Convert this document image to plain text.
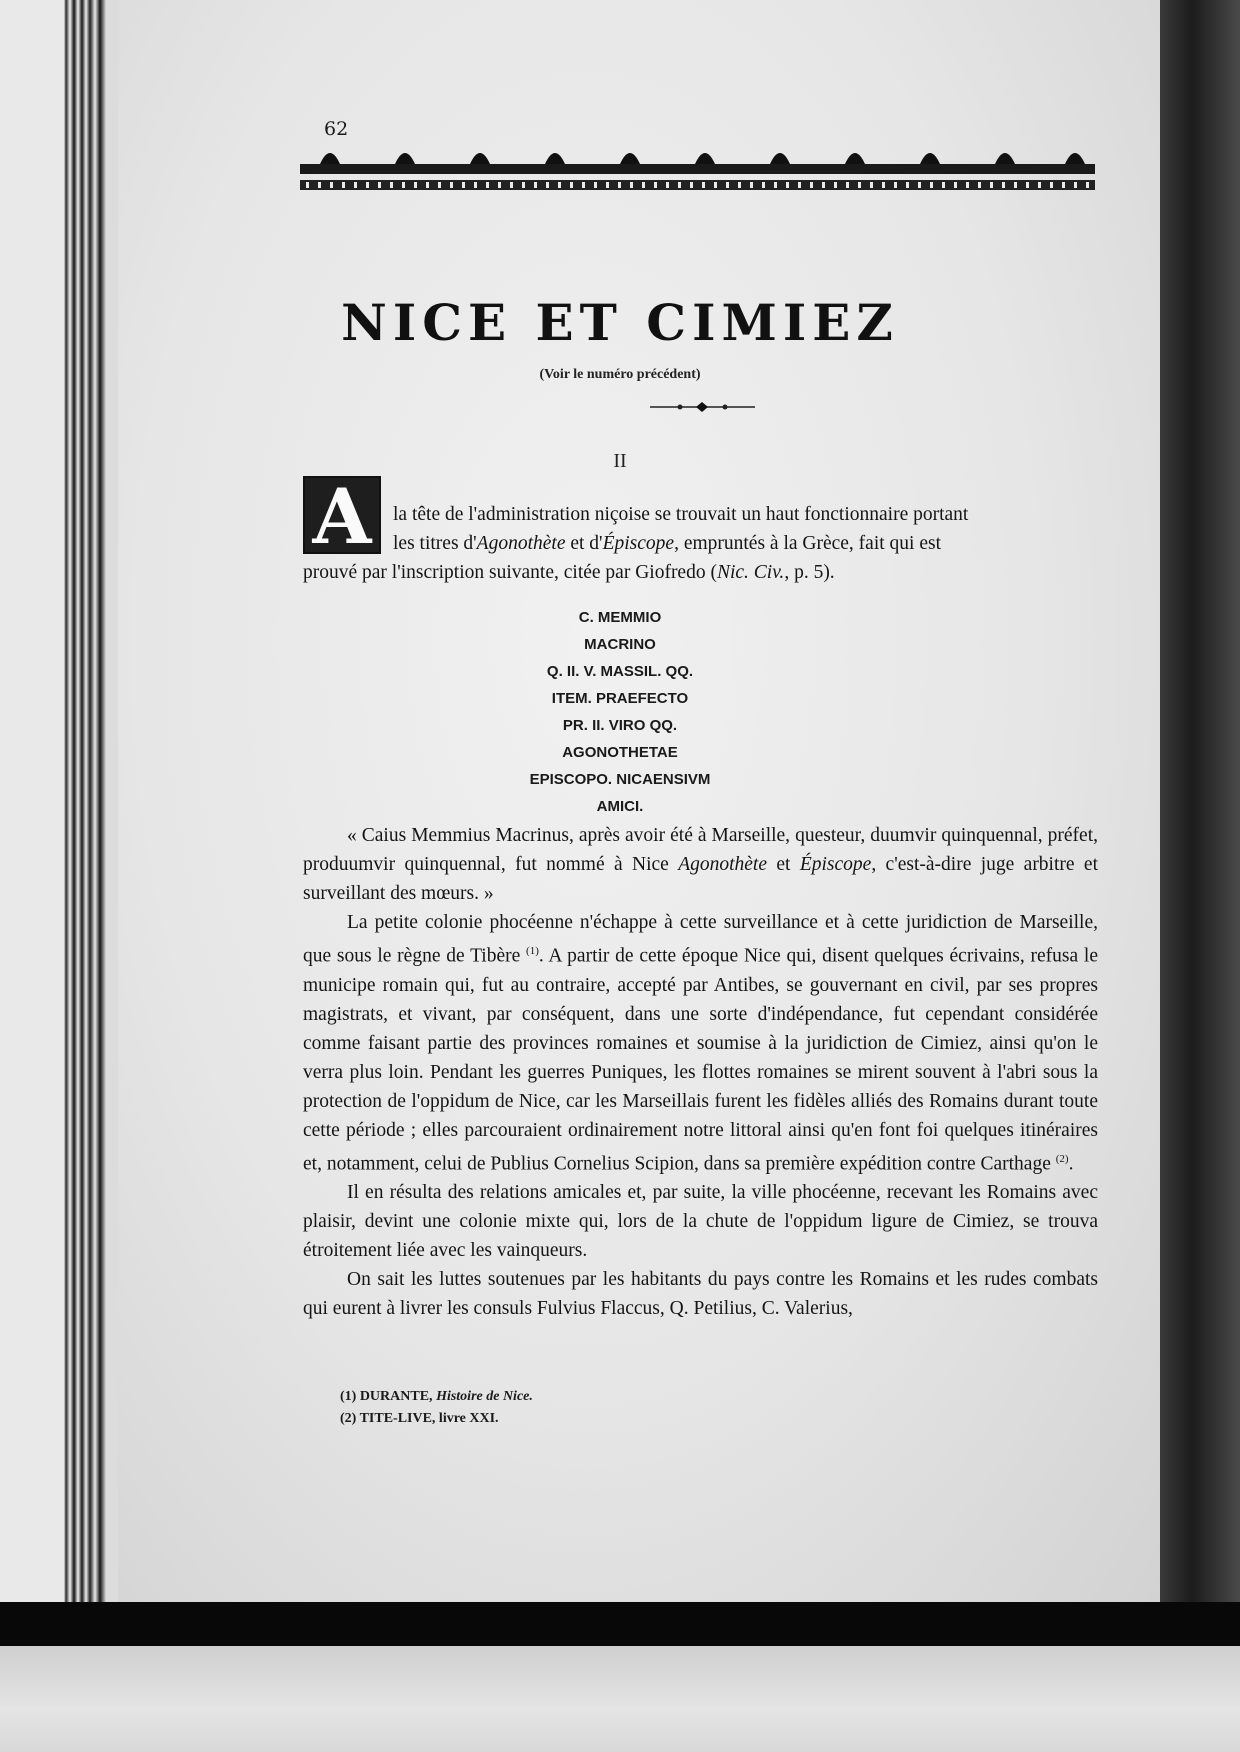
62
NICE ET CIMIEZ
(Voir le numéro précédent)
II
A	la tête de l'administration niçoise se trouvait un haut fonctionnaire portant

les titres d'Agonothète et d'Épiscope, empruntés à la Grèce, fait qui est

prouvé par l'inscription suivante, citée par Giofredo (Nic. Civ., p. 5).

C. MEMMIO
MACRINO
Q. II. V. MASSIL. QQ.
ITEM. PRAEFECTO
PR. II. VIRO QQ.
AGONOTHETAE
EPISCOPO. NICAENSIVM
AMICI.

« Caius Memmius Macrinus, après avoir été à Marseille, questeur, duumvir quinquennal, préfet, produumvir quinquennal, fut nommé à Nice Agonothète et Épiscope, c'est-à-dire juge arbitre et surveillant des mœurs. »

La petite colonie phocéenne n'échappe à cette surveillance et à cette juridiction de Marseille, que sous le règne de Tibère $^{(1)}$. A partir de cette époque Nice qui, disent quelques écrivains, refusa le municipe romain qui, fut au contraire, accepté par Antibes, se gouvernant en civil, par ses propres magistrats, et vivant, par conséquent, dans une sorte d'indépendance, fut cependant considérée comme faisant partie des provinces romaines et soumise à la juridiction de Cimiez, ainsi qu'on le verra plus loin. Pendant les guerres Puniques, les flottes romaines se mirent souvent à l'abri sous la protection de l'oppidum de Nice, car les Marseillais furent les fidèles alliés des Romains durant toute cette période ; elles parcouraient ordinairement notre littoral ainsi qu'en font foi quelques itinéraires et, notamment, celui de Publius Cornelius Scipion, dans sa première expédition contre Carthage $^{(2)}$.

Il en résulta des relations amicales et, par suite, la ville phocéenne, recevant les Romains avec plaisir, devint une colonie mixte qui, lors de la chute de l'oppidum ligure de Cimiez, se trouva étroitement liée avec les vainqueurs.

On sait les luttes soutenues par les habitants du pays contre les Romains et les rudes combats qui eurent à livrer les consuls Fulvius Flaccus, Q. Petilius, C. Valerius,

(1) DURANTE, Histoire de Nice.
(2) TITE-LIVE, livre XXI.
